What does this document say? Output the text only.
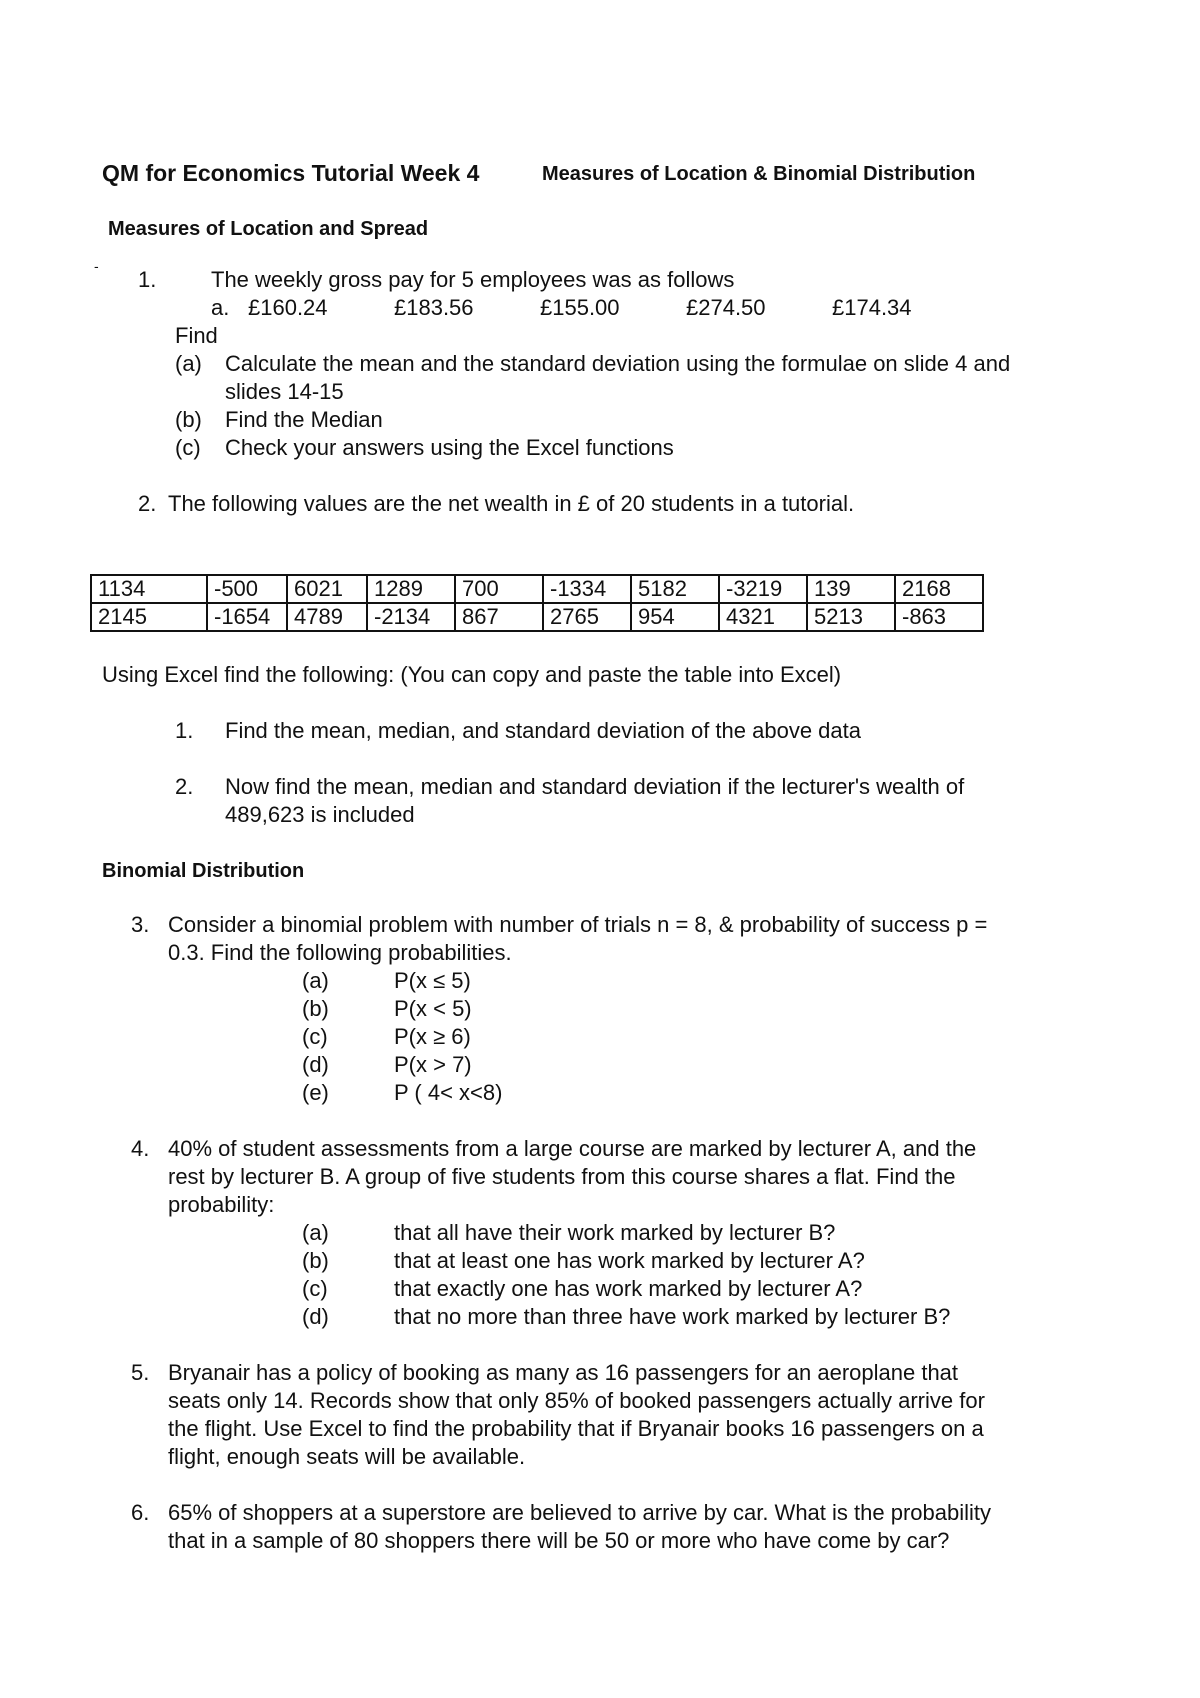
QM for Economics Tutorial Week 4	Measures of Location & Binomial Distribution
Measures of Location and Spread
-
1. The weekly gross pay for 5 employees was as follows
a. £160.24	£183.56	£155.00	£274.50	£174.34
Find
(a) Calculate the mean and the standard deviation using the formulae on slide 4 and
slides 14-15
(b) Find the Median
(c) Check your answers using the Excel functions
2. The following values are the net wealth in £ of 20 students in a tutorial.
1134	-500	6021	1289	700	-1334	5182	-3219	139	2168
2145	-1654	4789	-2134	867	2765	954	4321	5213	-863
Using Excel find the following: (You can copy and paste the table into Excel)
1. Find the mean, median, and standard deviation of the above data
2. Now find the mean, median and standard deviation if the lecturer's wealth of
489,623 is included
Binomial Distribution
3. Consider a binomial problem with number of trials n = 8, & probability of success p =
0.3. Find the following probabilities.
(a)	P(x ≤ 5)
(b)	P(x < 5)
(c)	P(x ≥ 6)
(d)	P(x > 7)
(e)	P ( 4< x<8)
4. 40% of student assessments from a large course are marked by lecturer A, and the
rest by lecturer B. A group of five students from this course shares a flat. Find the
probability:
(a)	that all have their work marked by lecturer B?
(b)	that at least one has work marked by lecturer A?
(c)	that exactly one has work marked by lecturer A?
(d)	that no more than three have work marked by lecturer B?
5. Bryanair has a policy of booking as many as 16 passengers for an aeroplane that
seats only 14. Records show that only 85% of booked passengers actually arrive for
the flight. Use Excel to find the probability that if Bryanair books 16 passengers on a
flight, enough seats will be available.
6. 65% of shoppers at a superstore are believed to arrive by car. What is the probability
that in a sample of 80 shoppers there will be 50 or more who have come by car?
